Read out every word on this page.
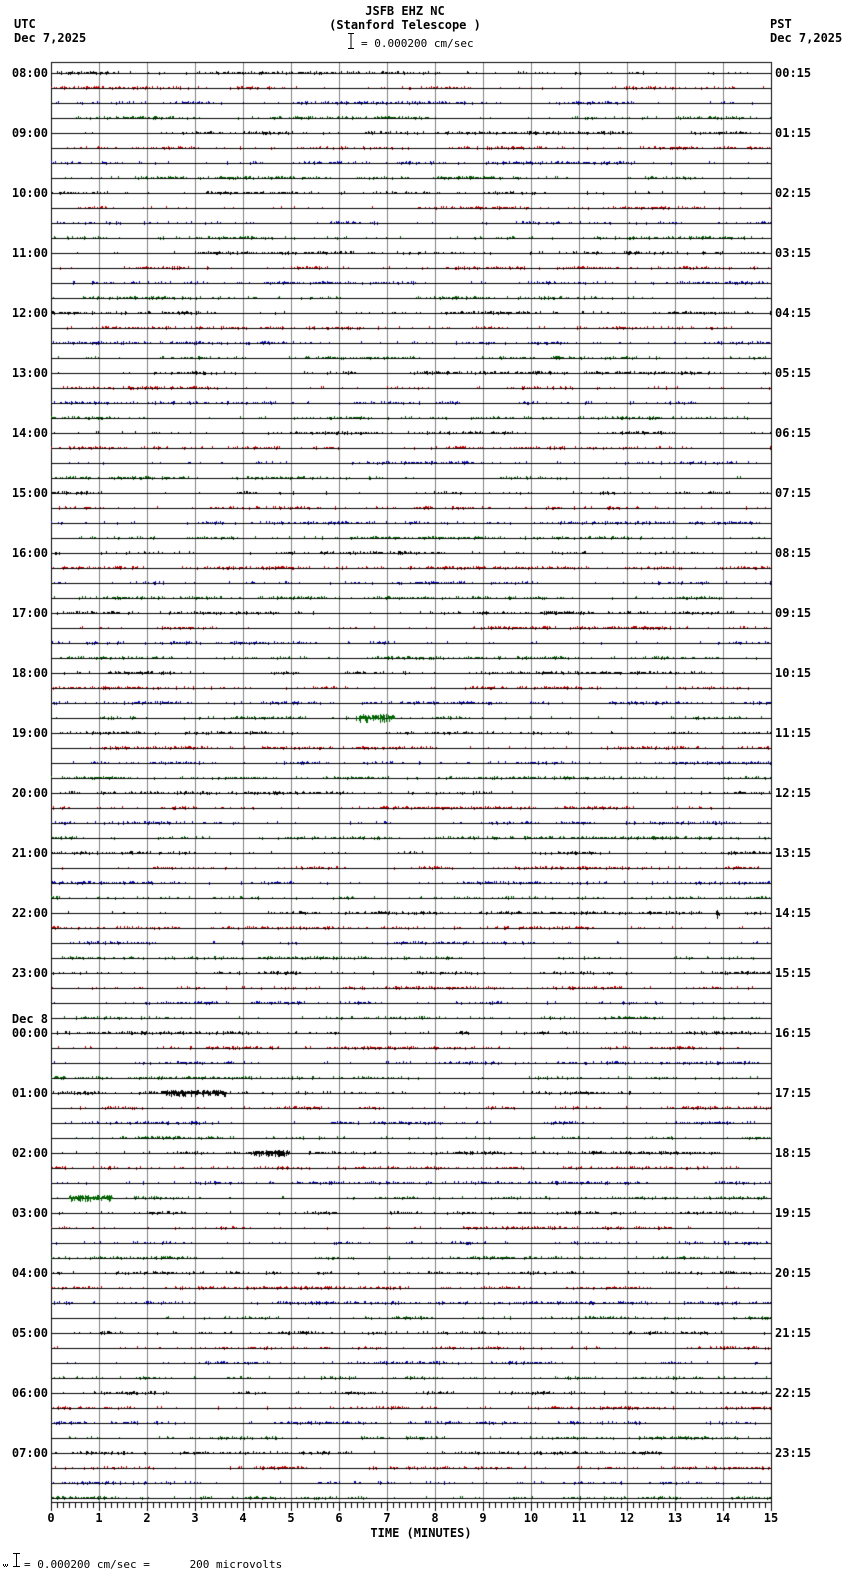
JSFB EHZ NC
(Stanford Telescope )
= 0.000200 cm/sec
UTC
Dec 7,2025
PST
Dec 7,2025
08:00
09:00
10:00
11:00
12:00
13:00
14:00
15:00
16:00
17:00
18:00
19:00
20:00
21:00
22:00
23:00
Dec 8
00:00
01:00
02:00
03:00
04:00
05:00
06:00
07:00
00:15
01:15
02:15
03:15
04:15
05:15
06:15
07:15
08:15
09:15
10:15
11:15
12:15
13:15
14:15
15:15
16:15
17:15
18:15
19:15
20:15
21:15
22:15
23:15
0	1	2	3	4	5	6	7	8	9	10	11	12	13	14	15
TIME (MINUTES)
= 0.000200 cm/sec =      200 microvolts
